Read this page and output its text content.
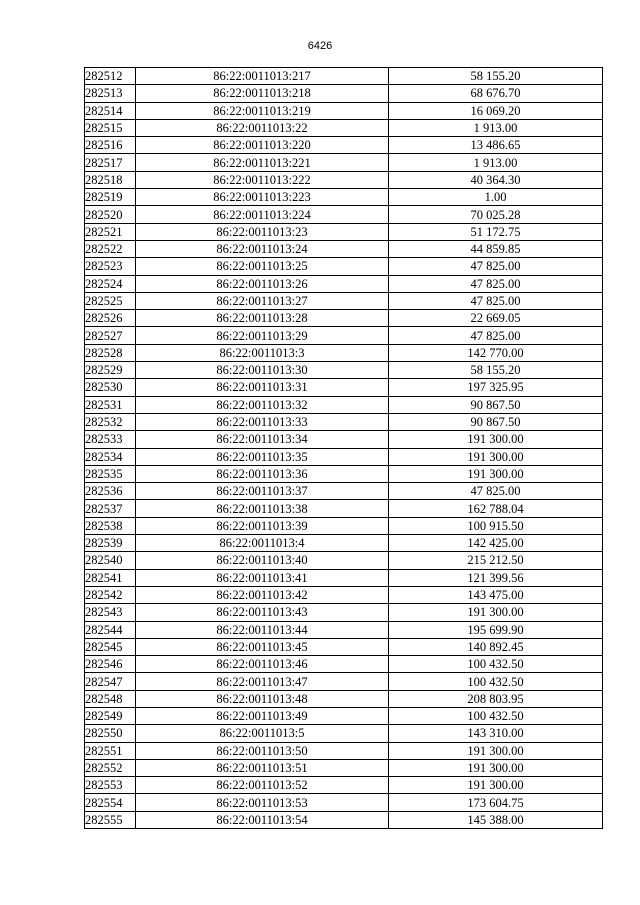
6426
282512	86:22:0011013:217	58 155.20
282513	86:22:0011013:218	68 676.70
282514	86:22:0011013:219	16 069.20
282515	86:22:0011013:22	1 913.00
282516	86:22:0011013:220	13 486.65
282517	86:22:0011013:221	1 913.00
282518	86:22:0011013:222	40 364.30
282519	86:22:0011013:223	1.00
282520	86:22:0011013:224	70 025.28
282521	86:22:0011013:23	51 172.75
282522	86:22:0011013:24	44 859.85
282523	86:22:0011013:25	47 825.00
282524	86:22:0011013:26	47 825.00
282525	86:22:0011013:27	47 825.00
282526	86:22:0011013:28	22 669.05
282527	86:22:0011013:29	47 825.00
282528	86:22:0011013:3	142 770.00
282529	86:22:0011013:30	58 155.20
282530	86:22:0011013:31	197 325.95
282531	86:22:0011013:32	90 867.50
282532	86:22:0011013:33	90 867.50
282533	86:22:0011013:34	191 300.00
282534	86:22:0011013:35	191 300.00
282535	86:22:0011013:36	191 300.00
282536	86:22:0011013:37	47 825.00
282537	86:22:0011013:38	162 788.04
282538	86:22:0011013:39	100 915.50
282539	86:22:0011013:4	142 425.00
282540	86:22:0011013:40	215 212.50
282541	86:22:0011013:41	121 399.56
282542	86:22:0011013:42	143 475.00
282543	86:22:0011013:43	191 300.00
282544	86:22:0011013:44	195 699.90
282545	86:22:0011013:45	140 892.45
282546	86:22:0011013:46	100 432.50
282547	86:22:0011013:47	100 432.50
282548	86:22:0011013:48	208 803.95
282549	86:22:0011013:49	100 432.50
282550	86:22:0011013:5	143 310.00
282551	86:22:0011013:50	191 300.00
282552	86:22:0011013:51	191 300.00
282553	86:22:0011013:52	191 300.00
282554	86:22:0011013:53	173 604.75
282555	86:22:0011013:54	145 388.00
